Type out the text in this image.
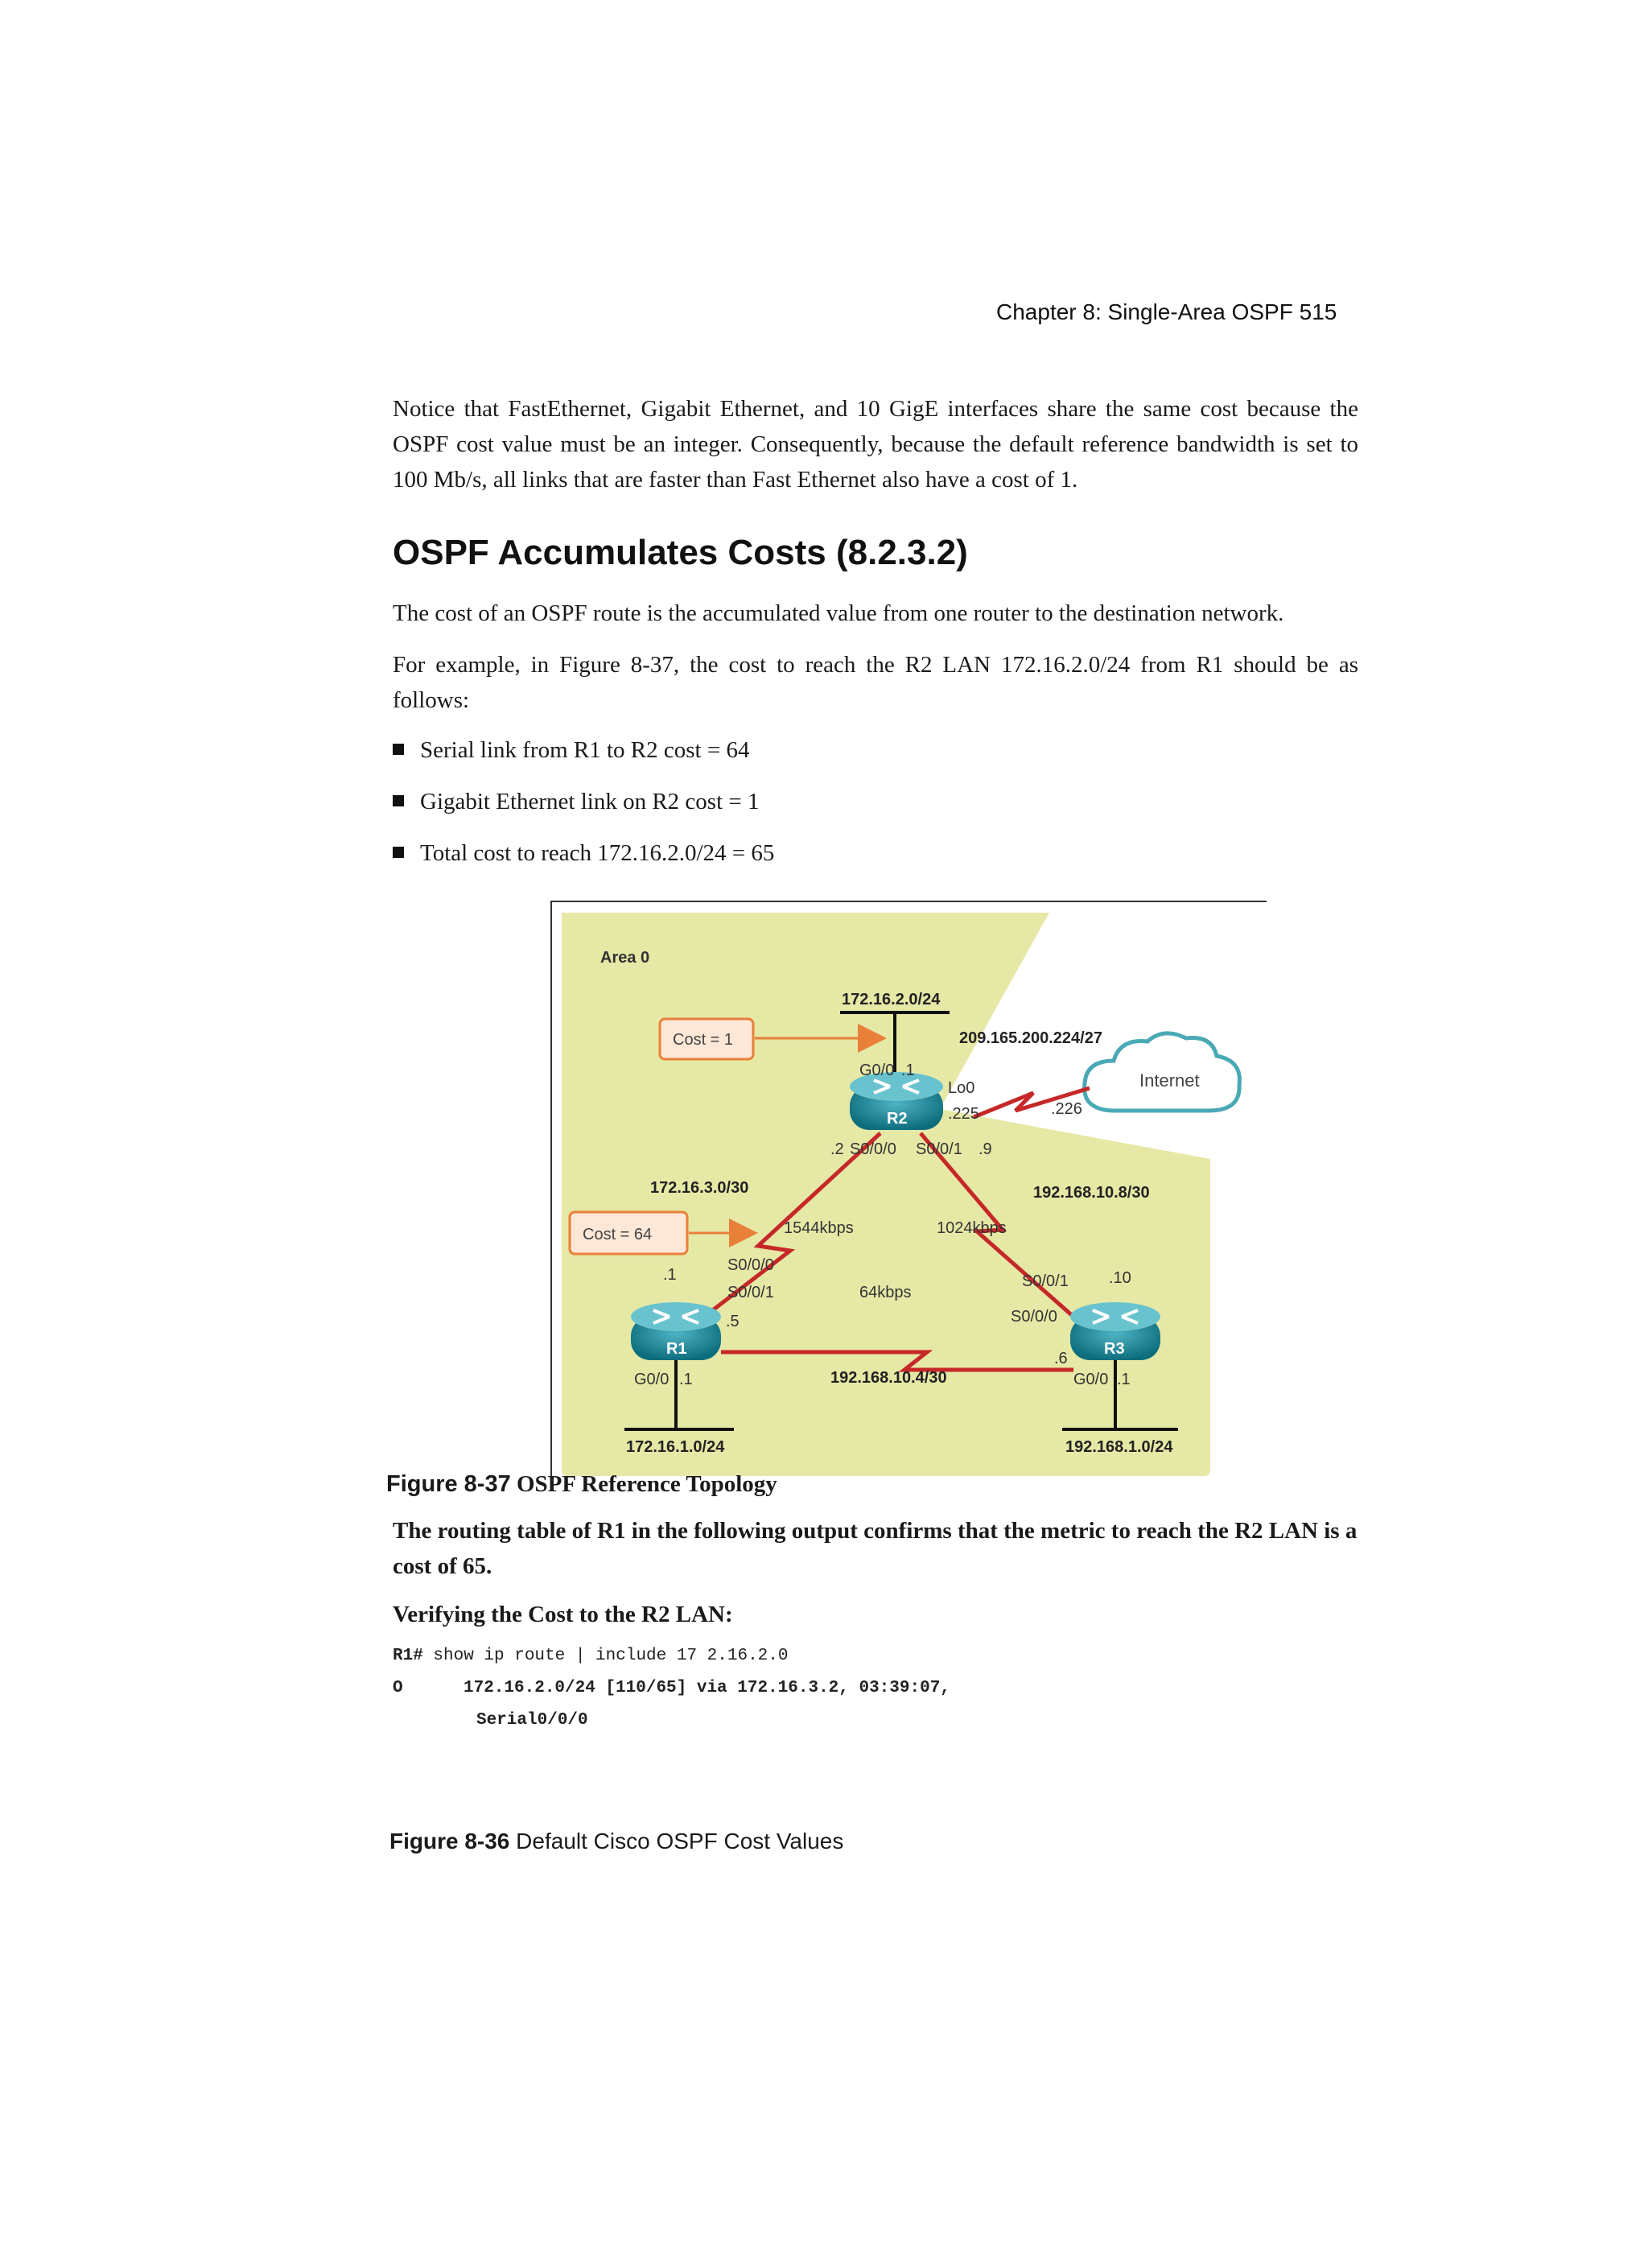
Chapter 8: Single-Area OSPF 515

Notice that FastEthernet, Gigabit Ethernet, and 10 GigE interfaces share the same cost because the OSPF cost value must be an integer. Consequently, because the default reference bandwidth is set to 100 Mb/s, all links that are faster than Fast Ethernet also have a cost of 1.

OSPF Accumulates Costs (8.2.3.2)

The cost of an OSPF route is the accumulated value from one router to the destination network.

For example, in Figure 8-37, the cost to reach the R2 LAN 172.16.2.0/24 from R1 should be as follows:

Serial link from R1 to R2 cost = 64
Gigabit Ethernet link on R2 cost = 1
Total cost to reach 172.16.2.0/24 = 65
Area 0
172.16.2.0/24
Cost = 1	209.165.200.224/27
Internet
R2
R1	R3
G0/0 .1
Lo0
.225	.226
.2 S0/0/0 S0/0/1 .9
172.16.3.0/30	192.168.10.8/30
Cost = 64	1544kbps	1024kbps
64kbps
.1
S0/0/0
S0/0/1
.5
G0/0 .1
S0/0/1	.10
S0/0/0
.6
G0/0 .1
192.168.10.4/30
172.16.1.0/24	192.168.1.0/24
Figure 8-37 OSPF Reference Topology

The routing table of R1 in the following output confirms that the metric to reach the R2 LAN is a cost of 65.

Verifying the Cost to the R2 LAN:
R1# show ip route | include 17 2.16.2.0
O	172.16.2.0/24 [110/65] via 172.16.3.2, 03:39:07,
Serial0/0/0
Figure 8-36 Default Cisco OSPF Cost Values
